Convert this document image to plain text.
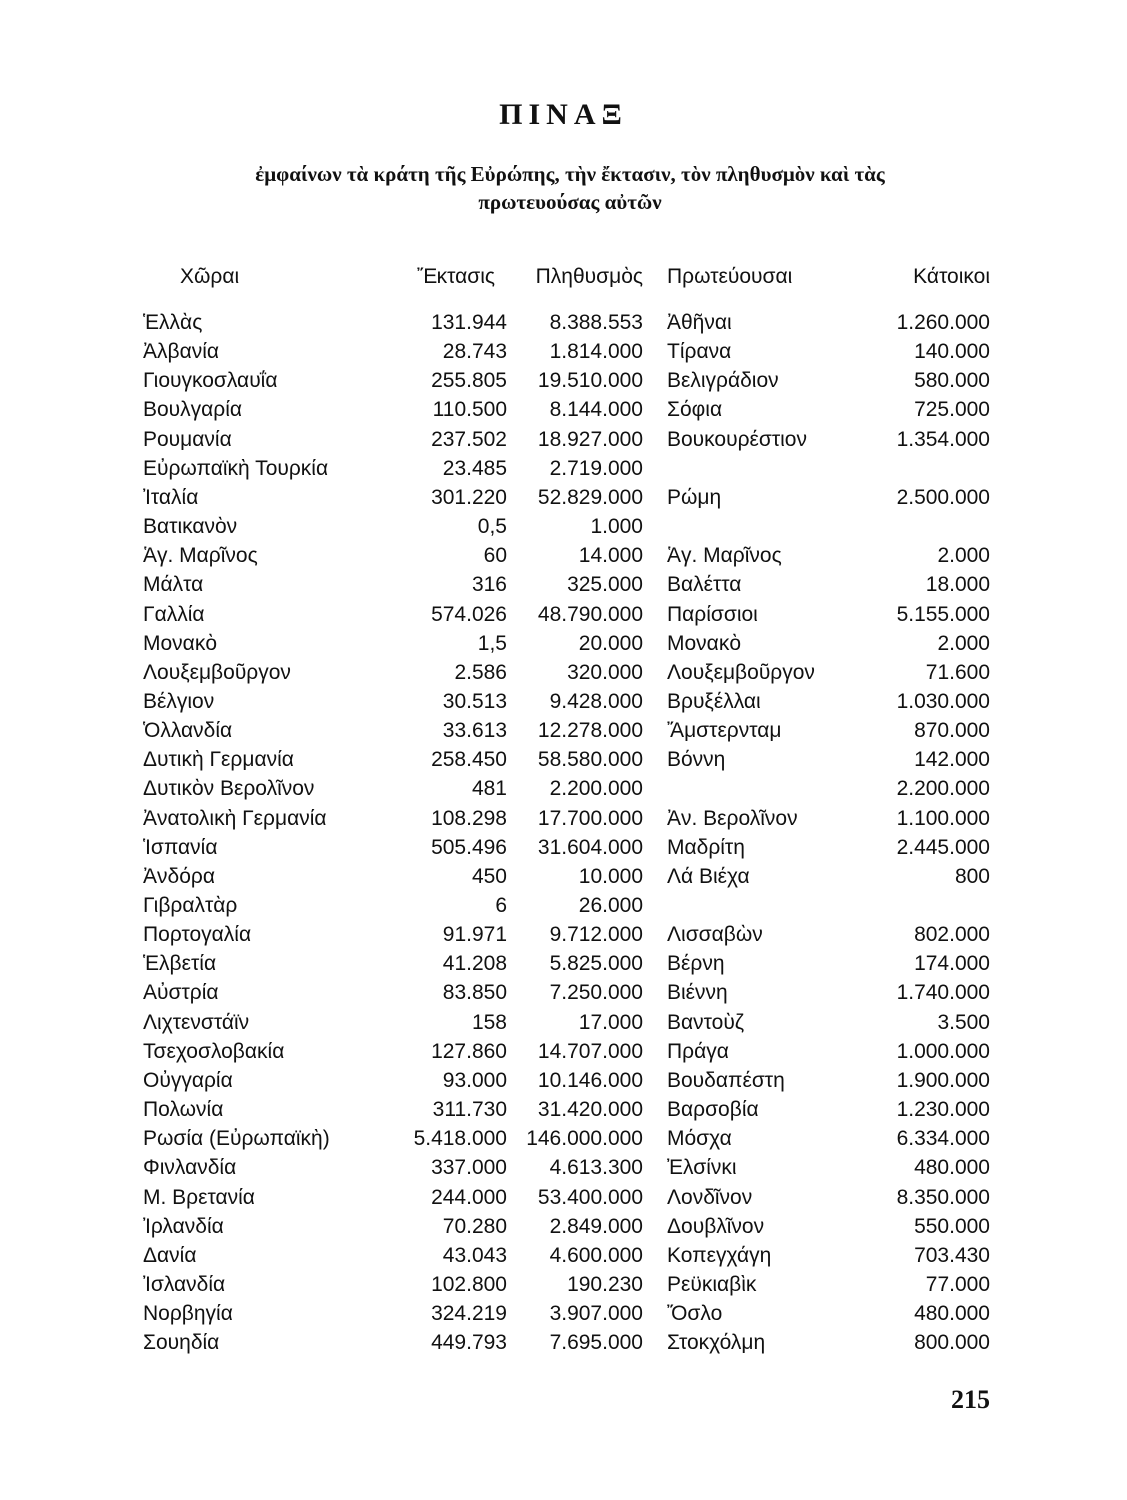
ΠΙΝΑΞ
ἐμφαίνων τὰ κράτη τῆς Εὐρώπης, τὴν ἔκτασιν, τὸν πληθυσμὸν καὶ τὰς
πρωτευούσας αὐτῶν
Χῶραι	Ἔκτασις Πληθυσμὸς Πρωτεύουσαι	Κάτοικοι
Ἑλλὰς	131.944 8.388.553 Ἀθῆναι	1.260.000
Ἀλβανία	28.743 1.814.000 Τίρανα	140.000
Γιουγκοσλαυΐα	255.805 19.510.000 Βελιγράδιον	580.000
Βουλγαρία	110.500 8.144.000 Σόφια	725.000
Ρουμανία	237.502 18.927.000 Βουκουρέστιον	1.354.000
Εὐρωπαϊκὴ Τουρκία	23.485 2.719.000
Ἰταλία	301.220 52.829.000 Ρώμη	2.500.000
Βατικανὸν	0,5	1.000
Ἁγ. Μαρῖνος	60	14.000 Ἁγ. Μαρῖνος	2.000
Μάλτα	316	325.000 Βαλέττα	18.000
Γαλλία	574.026 48.790.000 Παρίσσιοι	5.155.000
Μονακὸ	1,5	20.000 Μονακὸ	2.000
Λουξεμβοῦργον	2.586	320.000 Λουξεμβοῦργον	71.600
Βέλγιον	30.513 9.428.000 Βρυξέλλαι	1.030.000
Ὁλλανδία	33.613 12.278.000 Ἄμστερνταμ	870.000
Δυτικὴ Γερμανία	258.450 58.580.000 Βόννη	142.000
Δυτικὸν Βερολῖνον	481 2.200.000	2.200.000
Ἀνατολικὴ Γερμανία	108.298 17.700.000 Ἀν. Βερολῖνον	1.100.000
Ἱσπανία	505.496 31.604.000 Μαδρίτη	2.445.000
Ἀνδόρα	450	10.000 Λά Βιέχα	800
Γιβραλτὰρ	6	26.000
Πορτογαλία	91.971 9.712.000 Λισσαβὼν	802.000
Ἑλβετία	41.208 5.825.000 Βέρνη	174.000
Αὐστρία	83.850 7.250.000 Βιέννη	1.740.000
Λιχτενστάϊν	158	17.000 Βαντοὺζ	3.500
Τσεχοσλοβακία	127.860 14.707.000 Πράγα	1.000.000
Οὐγγαρία	93.000 10.146.000 Βουδαπέστη	1.900.000
Πολωνία	311.730 31.420.000 Βαρσοβία	1.230.000
Ρωσία (Εὐρωπαϊκὴ)	5.418.000 146.000.000 Μόσχα	6.334.000
Φινλανδία	337.000 4.613.300 Ἐλσίνκι	480.000
Μ. Βρετανία	244.000 53.400.000 Λονδῖνον	8.350.000
Ἰρλανδία	70.280 2.849.000 Δουβλῖνον	550.000
Δανία	43.043 4.600.000 Κοπεγχάγη	703.430
Ἰσλανδία	102.800	190.230 Ρεϋκιαβὶκ	77.000
Νορβηγία	324.219 3.907.000 Ὄσλο	480.000
Σουηδία	449.793 7.695.000 Στοκχόλμη	800.000
215
